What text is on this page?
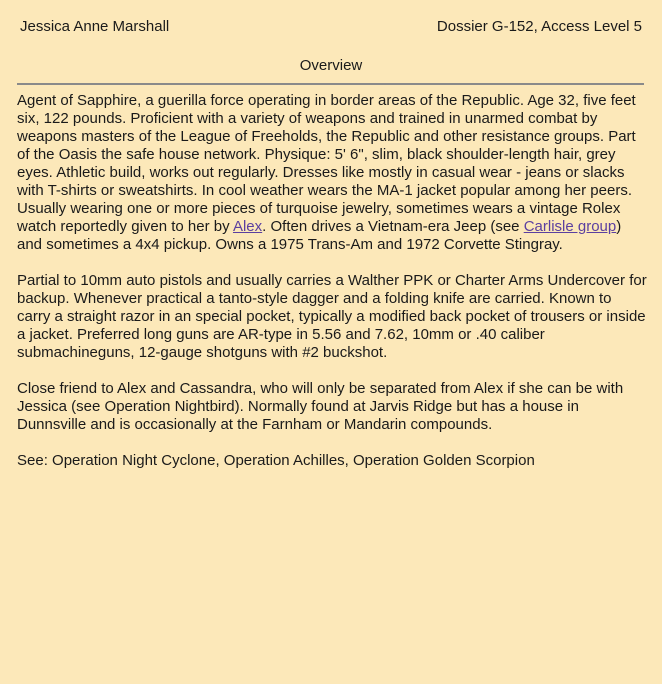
Jessica Anne Marshall	Dossier G-152, Access Level 5
Overview

Agent of Sapphire, a guerilla force operating in border areas of the Republic. Age 32, five feet six, 122 pounds. Proficient with a variety of weapons and trained in unarmed combat by weapons masters of the League of Freeholds, the Republic and other resistance groups. Part of the Oasis the safe house network. Physique: 5' 6", slim, black shoulder-length hair, grey eyes. Athletic build, works out regularly. Dresses like mostly in casual wear - jeans or slacks with T-shirts or sweatshirts. In cool weather wears the MA-1 jacket popular among her peers. Usually wearing one or more pieces of turquoise jewelry, sometimes wears a vintage Rolex watch reportedly given to her by Alex. Often drives a Vietnam-era Jeep (see Carlisle group) and sometimes a 4x4 pickup. Owns a 1975 Trans-Am and 1972 Corvette Stingray.

Partial to 10mm auto pistols and usually carries a Walther PPK or Charter Arms Undercover for backup. Whenever practical a tanto-style dagger and a folding knife are carried. Known to carry a straight razor in an special pocket, typically a modified back pocket of trousers or inside a jacket. Preferred long guns are AR-type in 5.56 and 7.62, 10mm or .40 caliber submachineguns, 12-gauge shotguns with #2 buckshot.

Close friend to Alex and Cassandra, who will only be separated from Alex if she can be with Jessica (see Operation Nightbird). Normally found at Jarvis Ridge but has a house in Dunnsville and is occasionally at the Farnham or Mandarin compounds.

See: Operation Night Cyclone, Operation Achilles, Operation Golden Scorpion
